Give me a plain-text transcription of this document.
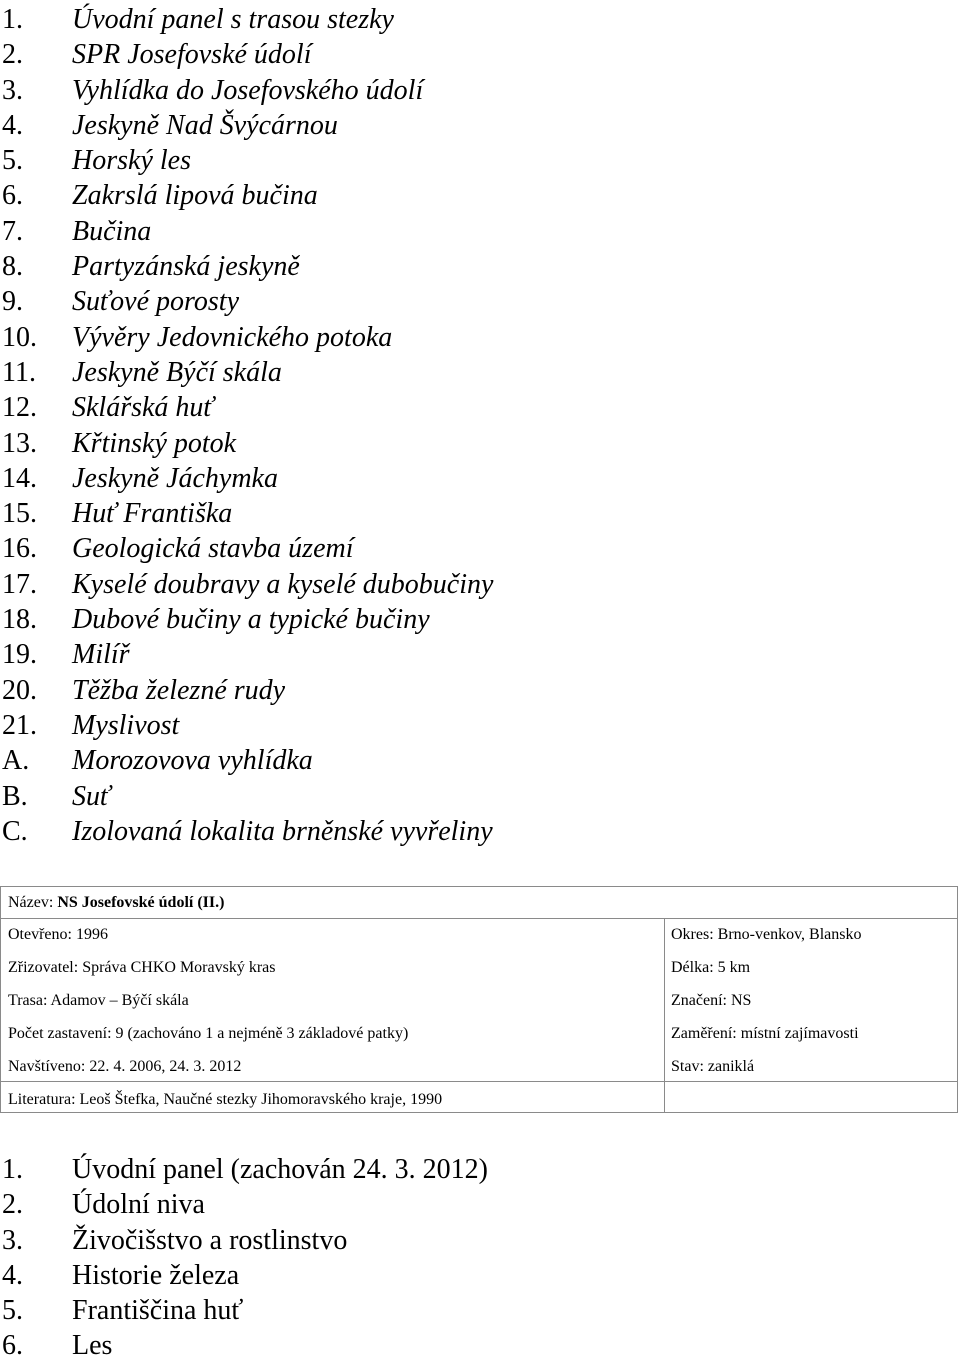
1. Úvodní panel s trasou stezky
2. SPR Josefovské údolí
3. Vyhlídka do Josefovského údolí
4. Jeskyně Nad Švýcárnou
5. Horský les
6. Zakrslá lipová bučina
7. Bučina
8. Partyzánská jeskyně
9. Suťové porosty
10. Vývěry Jedovnického potoka
11. Jeskyně Býčí skála
12. Sklářská huť
13. Křtinský potok
14. Jeskyně Jáchymka
15. Huť Františka
16. Geologická stavba území
17. Kyselé doubravy a kyselé dubobučiny
18. Dubové bučiny a typické bučiny
19. Milíř
20. Těžba železné rudy
21. Myslivost
A. Morozovova vyhlídka
B. Suť
C. Izolovaná lokalita brněnské vyvřeliny
Název: NS Josefovské údolí (II.)
Otevřeno: 1996
Zřizovatel: Správa CHKO Moravský kras
Trasa: Adamov – Býčí skála
Počet zastavení: 9 (zachováno 1 a nejméně 3 základové patky)
Navštíveno: 22. 4. 2006, 24. 3. 2012
Literatura: Leoš Štefka, Naučné stezky Jihomoravského kraje, 1990
Okres: Brno-venkov, Blansko
Délka: 5 km
Značení: NS
Zaměření: místní zajímavosti
Stav: zaniklá
1. Úvodní panel (zachován 24. 3. 2012)
2. Údolní niva
3. Živočišstvo a rostlinstvo
4. Historie železa
5. Františčina huť
6. Les
